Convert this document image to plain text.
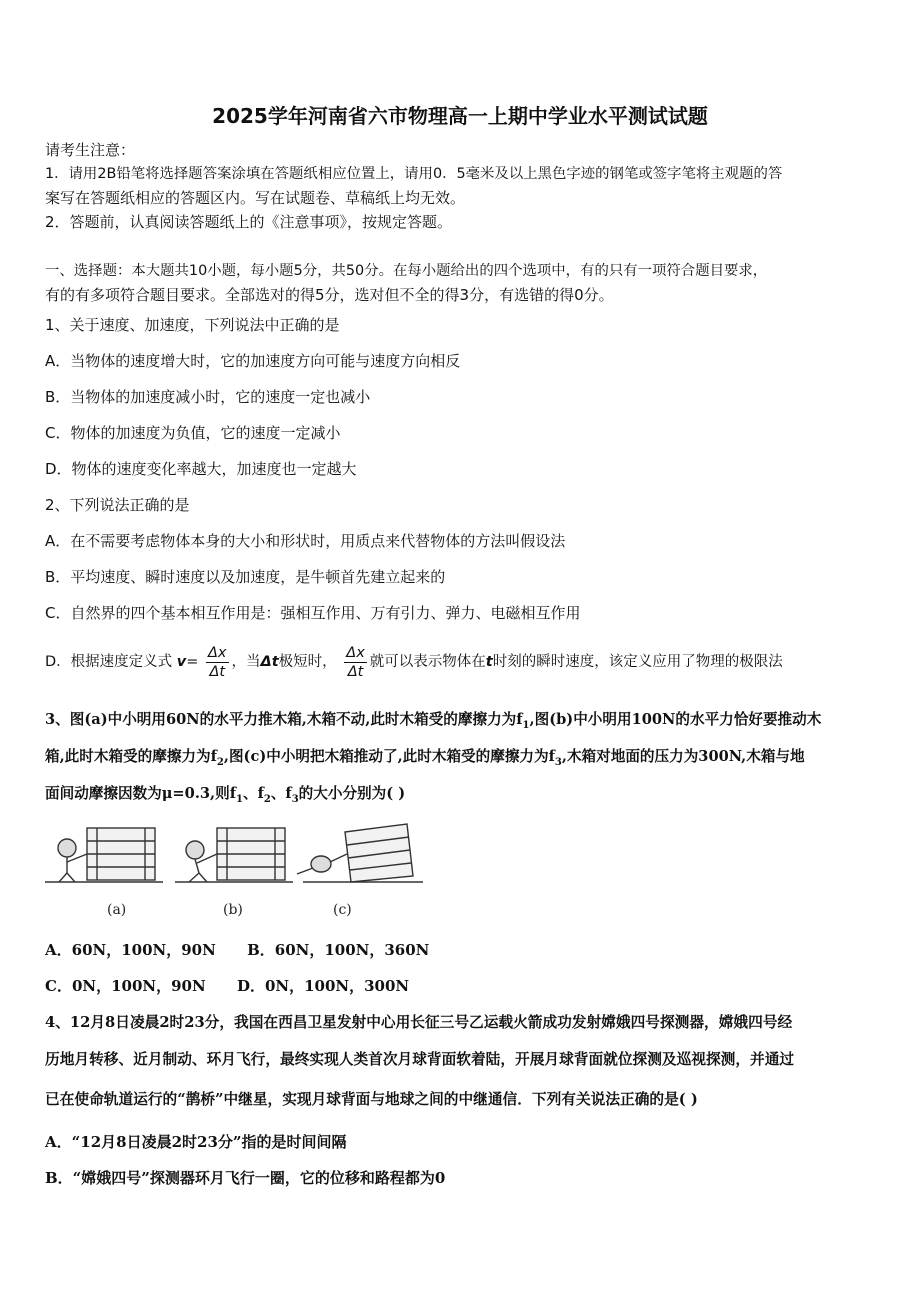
2025学年河南省六市物理高一上期中学业水平测试试题
请考生注意：
1．请用2B铅笔将选择题答案涂填在答题纸相应位置上，请用0．5毫米及以上黑色字迹的钢笔或签字笔将主观题的答
案写在答题纸相应的答题区内。写在试题卷、草稿纸上均无效。
2．答题前，认真阅读答题纸上的《注意事项》，按规定答题。
一、选择题：本大题共10小题，每小题5分，共50分。在每小题给出的四个选项中，有的只有一项符合题目要求，
有的有多项符合题目要求。全部选对的得5分，选对但不全的得3分，有选错的得0分。
1、关于速度、加速度，下列说法中正确的是
A．当物体的速度增大时，它的加速度方向可能与速度方向相反
B．当物体的加速度减小时，它的速度一定也减小
C．物体的加速度为负值，它的速度一定减小
D．物体的速度变化率越大，加速度也一定越大
2、下列说法正确的是
A．在不需要考虑物体本身的大小和形状时，用质点来代替物体的方法叫假设法
B．平均速度、瞬时速度以及加速度，是牛顿首先建立起来的
C．自然界的四个基本相互作用是：强相互作用、万有引力、弹力、电磁相互作用
D．根据速度定义式 $v= \frac{\Delta x}{\Delta t}$ ，当Δt极短时， $\frac{\Delta x}{\Delta t}$ 就可以表示物体在t时刻的瞬时速度，该定义应用了物理的极限法
3、图(a)中小明用60N的水平力推木箱,木箱不动,此时木箱受的摩擦力为$f_1$,图(b)中小明用100N的水平力恰好要推动木
箱,此时木箱受的摩擦力为$f_2$,图(c)中小明把木箱推动了,此时木箱受的摩擦力为$f_3$,木箱对地面的压力为300N,木箱与地
面间动摩擦因数为μ=0.3,则$f_1$、$f_2$、$f_3$的大小分别为( )
(a)	(b)	(c)
A．60N，100N，90N B．60N，100N，360N
C．0N，100N，90N D．0N，100N，300N
4、12月8日凌晨2时23分，我国在西昌卫星发射中心用长征三号乙运载火箭成功发射嫦娥四号探测器，嫦娥四号经
历地月转移、近月制动、环月飞行，最终实现人类首次月球背面软着陆，开展月球背面就位探测及巡视探测，并通过
已在使命轨道运行的“鹊桥”中继星，实现月球背面与地球之间的中继通信．下列有关说法正确的是( )
A．“12月8日凌晨2时23分”指的是时间间隔
B．“嫦娥四号”探测器环月飞行一圈，它的位移和路程都为0
